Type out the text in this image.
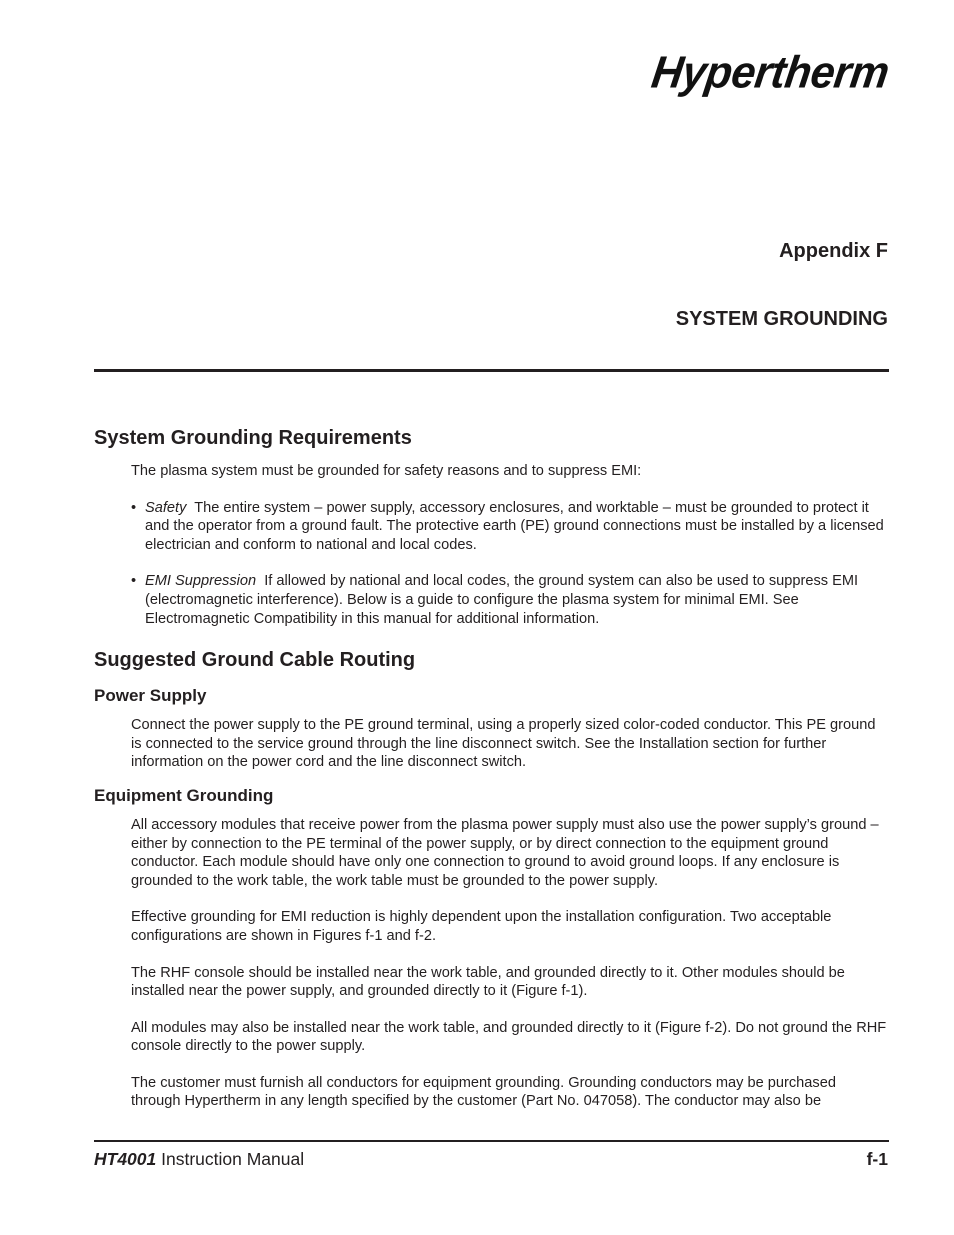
Hypertherm
Appendix F
SYSTEM GROUNDING
System Grounding Requirements

The plasma system must be grounded for safety reasons and to suppress EMI:

• Safety The entire system – power supply, accessory enclosures, and worktable – must be grounded to protect it and the operator from a ground fault. The protective earth (PE) ground connections must be installed by a licensed electrician and conform to national and local codes.
• EMI Suppression If allowed by national and local codes, the ground system can also be used to suppress EMI (electromagnetic interference). Below is a guide to configure the plasma system for minimal EMI. See Electromagnetic Compatibility in this manual for additional information.
Suggested Ground Cable Routing
Power Supply

Connect the power supply to the PE ground terminal, using a properly sized color-coded conductor. This PE ground is connected to the service ground through the line disconnect switch. See the Installation section for further information on the power cord and the line disconnect switch.

Equipment Grounding

All accessory modules that receive power from the plasma power supply must also use the power supply’s ground – either by connection to the PE terminal of the power supply, or by direct connection to the equipment ground conductor. Each module should have only one connection to ground to avoid ground loops. If any enclosure is grounded to the work table, the work table must be grounded to the power supply.

Effective grounding for EMI reduction is highly dependent upon the installation configuration. Two acceptable configurations are shown in Figures f-1 and f-2.

The RHF console should be installed near the work table, and grounded directly to it. Other modules should be installed near the power supply, and grounded directly to it (Figure f-1).

All modules may also be installed near the work table, and grounded directly to it (Figure f-2). Do not ground the RHF console directly to the power supply.

The customer must furnish all conductors for equipment grounding. Grounding conductors may be purchased through Hypertherm in any length specified by the customer (Part No. 047058). The conductor may also be

HT4001 Instruction Manual	f-1
